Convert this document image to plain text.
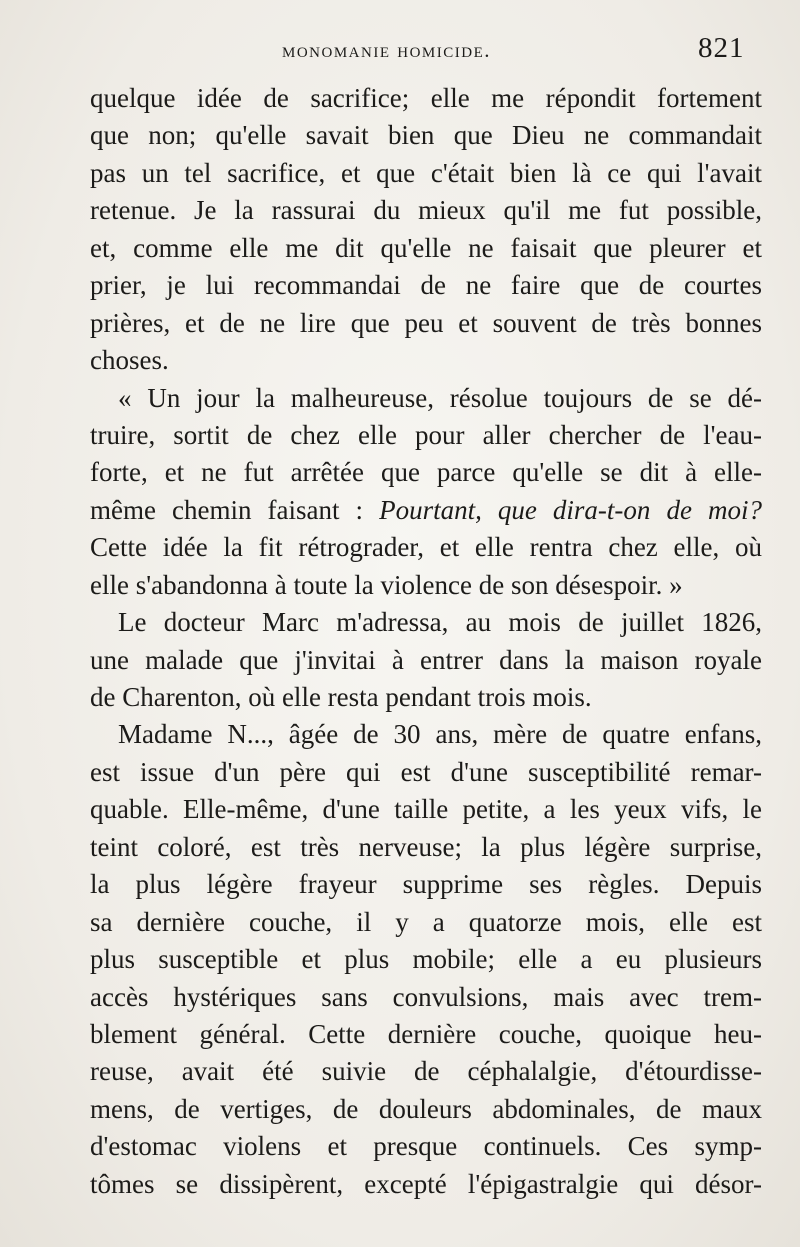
monomanie homicide.	821
quelque idée de sacrifice; elle me répondit fortement
que non; qu'elle savait bien que Dieu ne commandait
pas un tel sacrifice, et que c'était bien là ce qui l'avait
retenue. Je la rassurai du mieux qu'il me fut possible,
et, comme elle me dit qu'elle ne faisait que pleurer et
prier, je lui recommandai de ne faire que de courtes
prières, et de ne lire que peu et souvent de très bonnes
choses.
« Un jour la malheureuse, résolue toujours de se dé-
truire, sortit de chez elle pour aller chercher de l'eau-
forte, et ne fut arrêtée que parce qu'elle se dit à elle-
même chemin faisant : Pourtant, que dira-t-on de moi?
Cette idée la fit rétrograder, et elle rentra chez elle, où
elle s'abandonna à toute la violence de son désespoir. »
Le docteur Marc m'adressa, au mois de juillet 1826,
une malade que j'invitai à entrer dans la maison royale
de Charenton, où elle resta pendant trois mois.
Madame N..., âgée de 30 ans, mère de quatre enfans,
est issue d'un père qui est d'une susceptibilité remar-
quable. Elle-même, d'une taille petite, a les yeux vifs, le
teint coloré, est très nerveuse; la plus légère surprise,
la plus légère frayeur supprime ses règles. Depuis
sa dernière couche, il y a quatorze mois, elle est
plus susceptible et plus mobile; elle a eu plusieurs
accès hystériques sans convulsions, mais avec trem-
blement général. Cette dernière couche, quoique heu-
reuse, avait été suivie de céphalalgie, d'étourdisse-
mens, de vertiges, de douleurs abdominales, de maux
d'estomac violens et presque continuels. Ces symp-
tômes se dissipèrent, excepté l'épigastralgie qui désor-
